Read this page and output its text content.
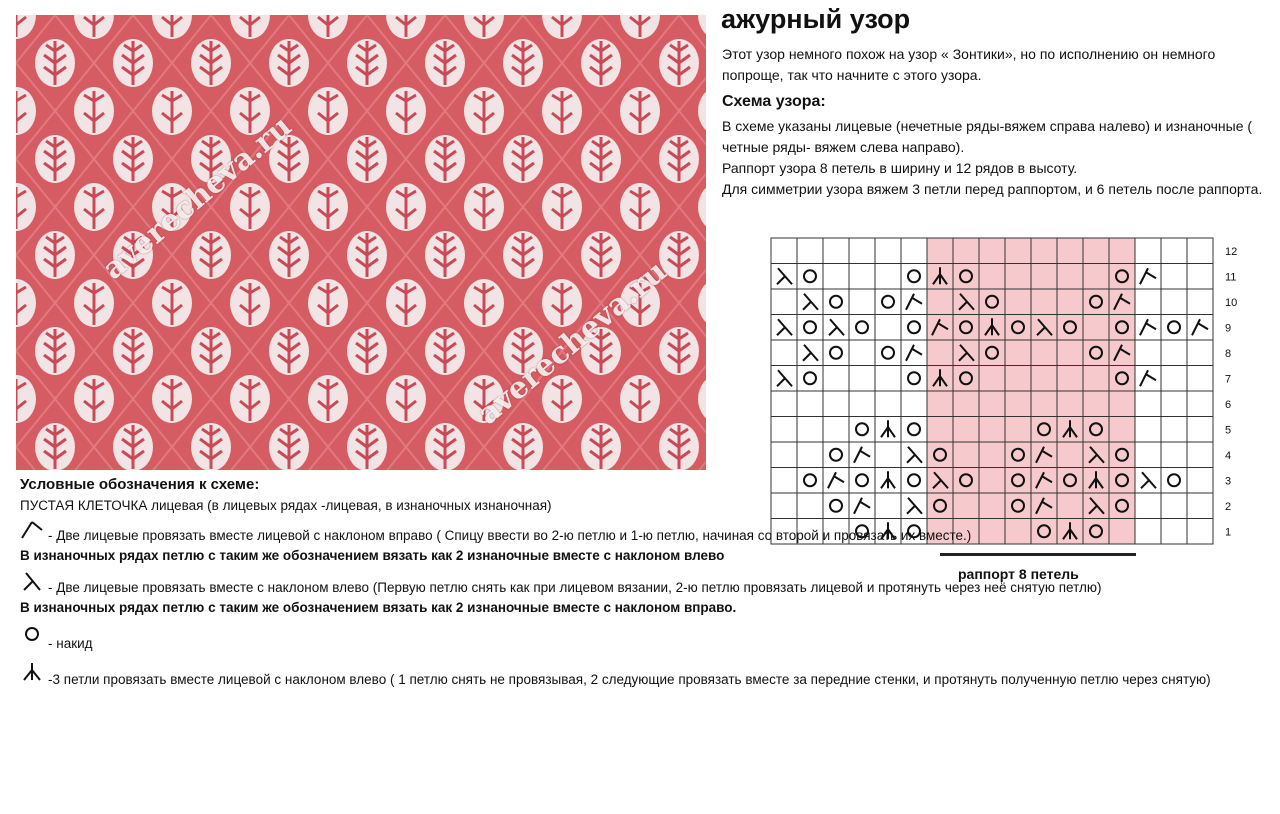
averecheva.ru
averecheva.ru
ажурный узор

Этот узор немного похож на узор « Зонтики», но по исполнению он немного попроще, так что начните с этого узора.

Схема узора:

В схеме указаны лицевые (нечетные ряды-вяжем справа налево) и изнаночные ( четные ряды- вяжем слева направо).
Раппорт узора 8 петель в ширину и 12 рядов в высоту.
Для симметрии узора вяжем 3 петли перед раппортом, и 6 петель после раппорта.
12
11
10
9
8
7
6
5
4
3
2
1
раппорт 8 петель

Условные обозначения к схеме:

ПУСТАЯ КЛЕТОЧКА лицевая (в лицевых рядах -лицевая, в изнаночных изнаночная)

- Две лицевые провязать вместе лицевой с наклоном вправо ( Спицу ввести во 2-ю петлю и 1-ю петлю, начиная со второй и провязать их вместе.)

В изнаночных рядах петлю с таким же обозначением вязать как 2 изнаночные вместе с наклоном влево

- Две лицевые провязать вместе с наклоном влево (Первую петлю снять как при лицевом вязании, 2-ю петлю провязать лицевой и протянуть через неё снятую петлю)

В изнаночных рядах петлю с таким же обозначением вязать как 2 изнаночные вместе с наклоном вправо.

- накид

-3 петли провязать вместе лицевой с наклоном влево ( 1 петлю снять не провязывая, 2 следующие провязать вместе за передние стенки, и протянуть полученную петлю через снятую)
